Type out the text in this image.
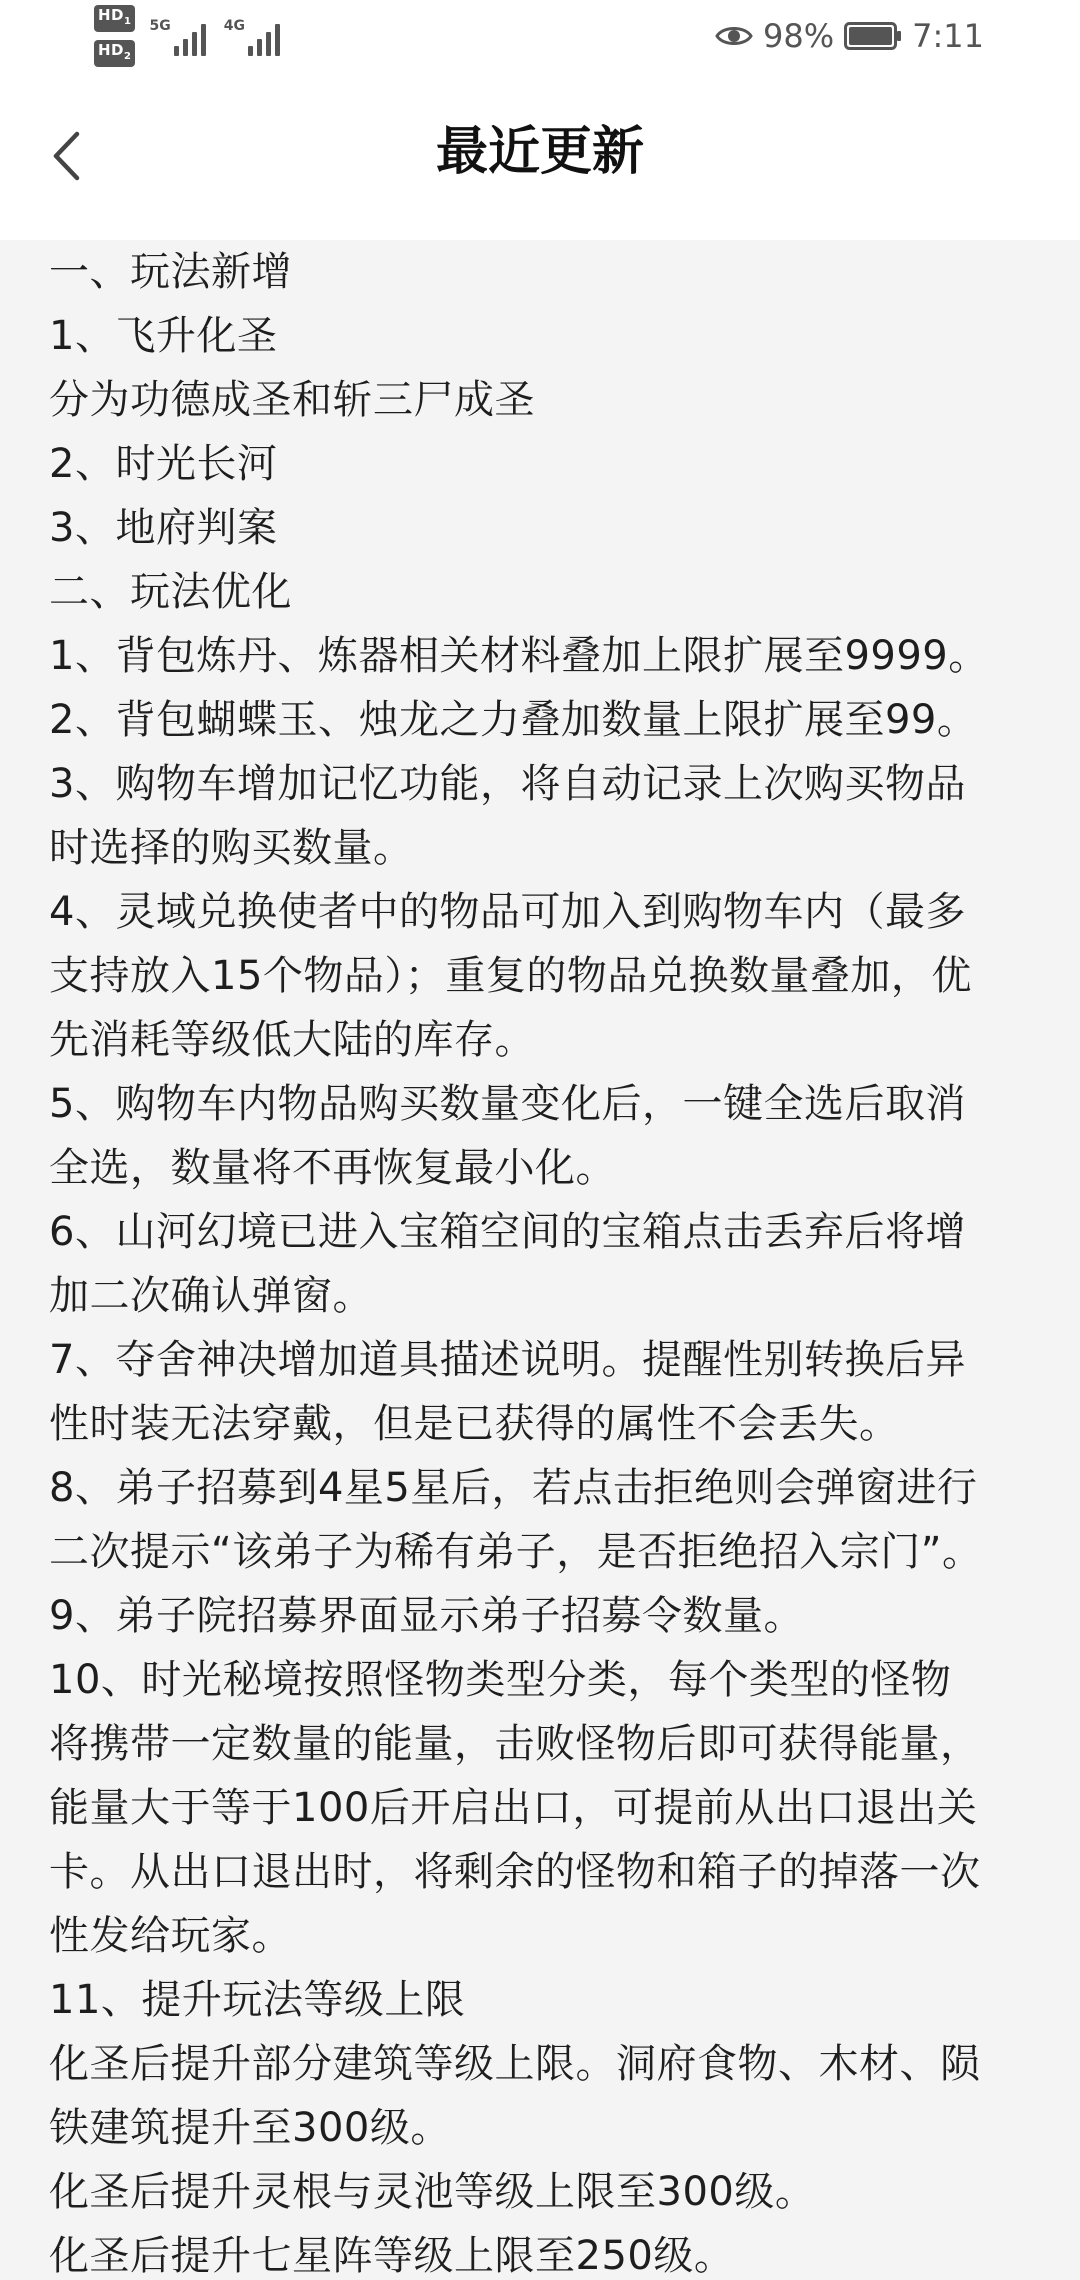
$HD_1$
$HD_2$
5G	4G	98% 7:11
最近更新
一、玩法新增
1、飞升化圣
分为功德成圣和斩三尸成圣
2、时光长河
3、地府判案
二、玩法优化
1、背包炼丹、炼器相关材料叠加上限扩展至9999。
2、背包蝴蝶玉、烛龙之力叠加数量上限扩展至99。
3、购物车增加记忆功能，将自动记录上次购买物品
时选择的购买数量。
4、灵域兑换使者中的物品可加入到购物车内（最多
支持放入15个物品）；重复的物品兑换数量叠加，优
先消耗等级低大陆的库存。
5、购物车内物品购买数量变化后，一键全选后取消
全选，数量将不再恢复最小化。
6、山河幻境已进入宝箱空间的宝箱点击丢弃后将增
加二次确认弹窗。
7、夺舍神决增加道具描述说明。提醒性别转换后异
性时装无法穿戴，但是已获得的属性不会丢失。
8、弟子招募到4星5星后，若点击拒绝则会弹窗进行
二次提示“该弟子为稀有弟子，是否拒绝招入宗门”。
9、弟子院招募界面显示弟子招募令数量。
10、时光秘境按照怪物类型分类，每个类型的怪物
将携带一定数量的能量，击败怪物后即可获得能量，
能量大于等于100后开启出口，可提前从出口退出关
卡。从出口退出时，将剩余的怪物和箱子的掉落一次
性发给玩家。
11、提升玩法等级上限
化圣后提升部分建筑等级上限。洞府食物、木材、陨
铁建筑提升至300级。
化圣后提升灵根与灵池等级上限至300级。
化圣后提升七星阵等级上限至250级。
